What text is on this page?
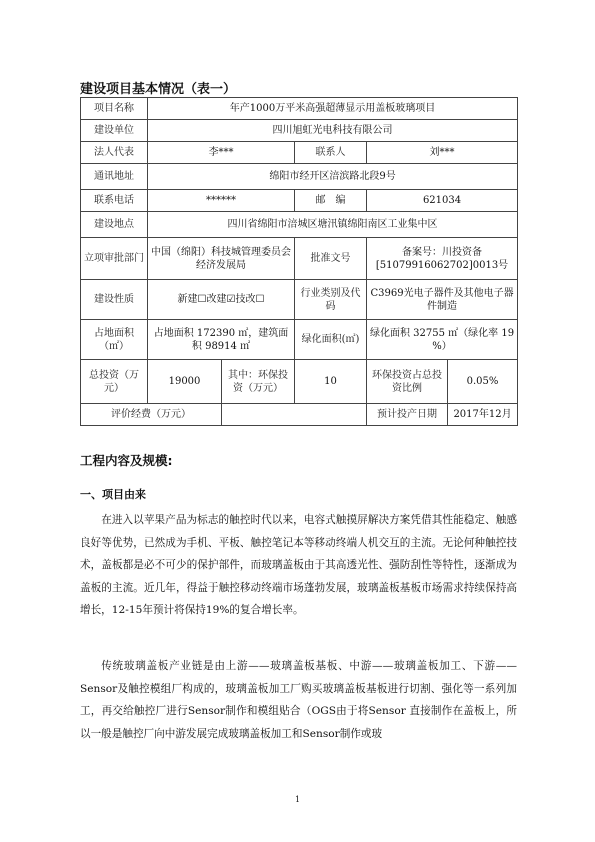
建设项目基本情况（表一）
项目名称	年产1000万平米高强超薄显示用盖板玻璃项目				
建设单位	四川旭虹光电科技有限公司				
法人代表	李***		联系人	刘***	
通讯地址	绵阳市经开区涪滨路北段9号				
联系电话	******		邮　编	621034	
建设地点	四川省绵阳市涪城区塘汛镇绵阳南区工业集中区				
立项审批部门	中国（绵阳）科技城管理委员会经济发展局		批准文号	备案号：川投资备[51079916062702]0013号	
建设性质	新建☐改建☑技改☐		行业类别及代码	C3969光电子器件及其他电子器件制造	
占地面积（㎡）	占地面积 172390 ㎡，建筑面积 98914 ㎡		绿化面积(㎡)	绿化面积 32755 ㎡（绿化率 19 %）	
总投资（万元）	19000	其中：环保投资（万元）	10	环保投资占总投资比例	0.05%
评价经费（万元）				预计投产日期	2017年12月
工程内容及规模:
一、项目由来

在进入以苹果产品为标志的触控时代以来，电容式触摸屏解决方案凭借其性能稳定、触感良好等优势，已然成为手机、平板、触控笔记本等移动终端人机交互的主流。无论何种触控技术，盖板都是必不可少的保护部件，而玻璃盖板由于其高透光性、强防刮性等特性，逐渐成为盖板的主流。近几年，得益于触控移动终端市场蓬勃发展，玻璃盖板基板市场需求持续保持高增长，12-15年预计将保持19%的复合增长率。

传统玻璃盖板产业链是由上游——玻璃盖板基板、中游——玻璃盖板加工、下游——Sensor及触控模组厂构成的，玻璃盖板加工厂购买玻璃盖板基板进行切割、强化等一系列加工，再交给触控厂进行Sensor制作和模组贴合（OGS由于将Sensor 直接制作在盖板上，所以一般是触控厂向中游发展完成玻璃盖板加工和Sensor制作或玻

1
